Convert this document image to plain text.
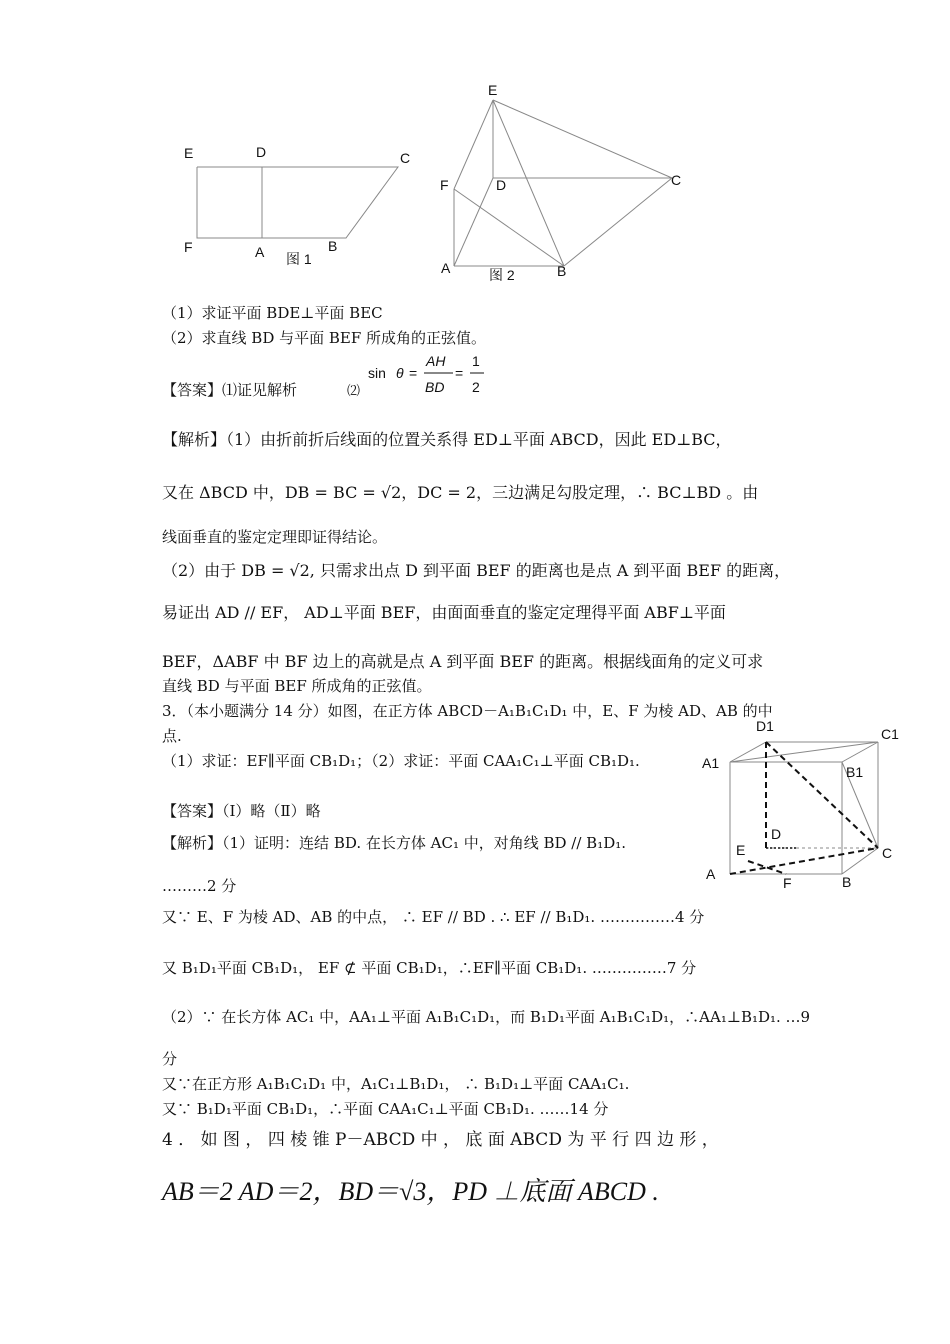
E	D	C
F	A	B
图 1
E
F	D	C
A	图 2	B
（1）求证平面 BDE⊥平面 BEC
（2）求直线 BD 与平面 BEF 所成角的正弦值。
【答案】⑴证见解析	⑵
sin θ =
AH
BD
=
1
2
【解析】（1）由折前折后线面的位置关系得 ED⊥平面 ABCD，因此 ED⊥BC，
又在 ΔBCD 中，DB = BC = √2，DC = 2，三边满足勾股定理，∴ BC⊥BD 。由
线面垂直的鉴定定理即证得结论。
（2）由于 DB = √2, 只需求出点 D 到平面 BEF 的距离也是点 A 到平面 BEF 的距离，
易证出 AD // EF， AD⊥平面 BEF，由面面垂直的鉴定定理得平面 ABF⊥平面
BEF，ΔABF 中 BF 边上的高就是点 A 到平面 BEF 的距离。根据线面角的定义可求
直线 BD 与平面 BEF 所成角的正弦值。
3．（本小题满分 14 分）如图，在正方体 ABCD－A₁B₁C₁D₁ 中，E、F 为棱 AD、AB 的中
点.
（1）求证：EF∥平面 CB₁D₁；（2）求证：平面 CAA₁C₁⊥平面 CB₁D₁.
【答案】（Ⅰ）略（Ⅱ）略
【解析】（1）证明：连结 BD. 在长方体 AC₁ 中，对角线 BD // B₁D₁.
………2 分
又∵ E、F 为棱 AD、AB 的中点， ∴ EF // BD . ∴ EF // B₁D₁. ……………4 分
又 B₁D₁平面 CB₁D₁， EF ⊄ 平面 CB₁D₁，∴EF∥平面 CB₁D₁. ……………7 分
（2）∵ 在长方体 AC₁ 中，AA₁⊥平面 A₁B₁C₁D₁，而 B₁D₁平面 A₁B₁C₁D₁，∴AA₁⊥B₁D₁. …9
分
又∵在正方形 A₁B₁C₁D₁ 中，A₁C₁⊥B₁D₁， ∴ B₁D₁⊥平面 CAA₁C₁.
又∵ B₁D₁平面 CB₁D₁，∴平面 CAA₁C₁⊥平面 CB₁D₁. ……14 分
D1	C1
A1
B1
D
E	C
A
F	B
4 ． 如 图 ， 四 棱 锥 P－ABCD 中 ， 底 面 ABCD 为 平 行 四 边 形 ，
AB＝2 AD＝2，BD＝√3，PD ⊥底面 ABCD .
